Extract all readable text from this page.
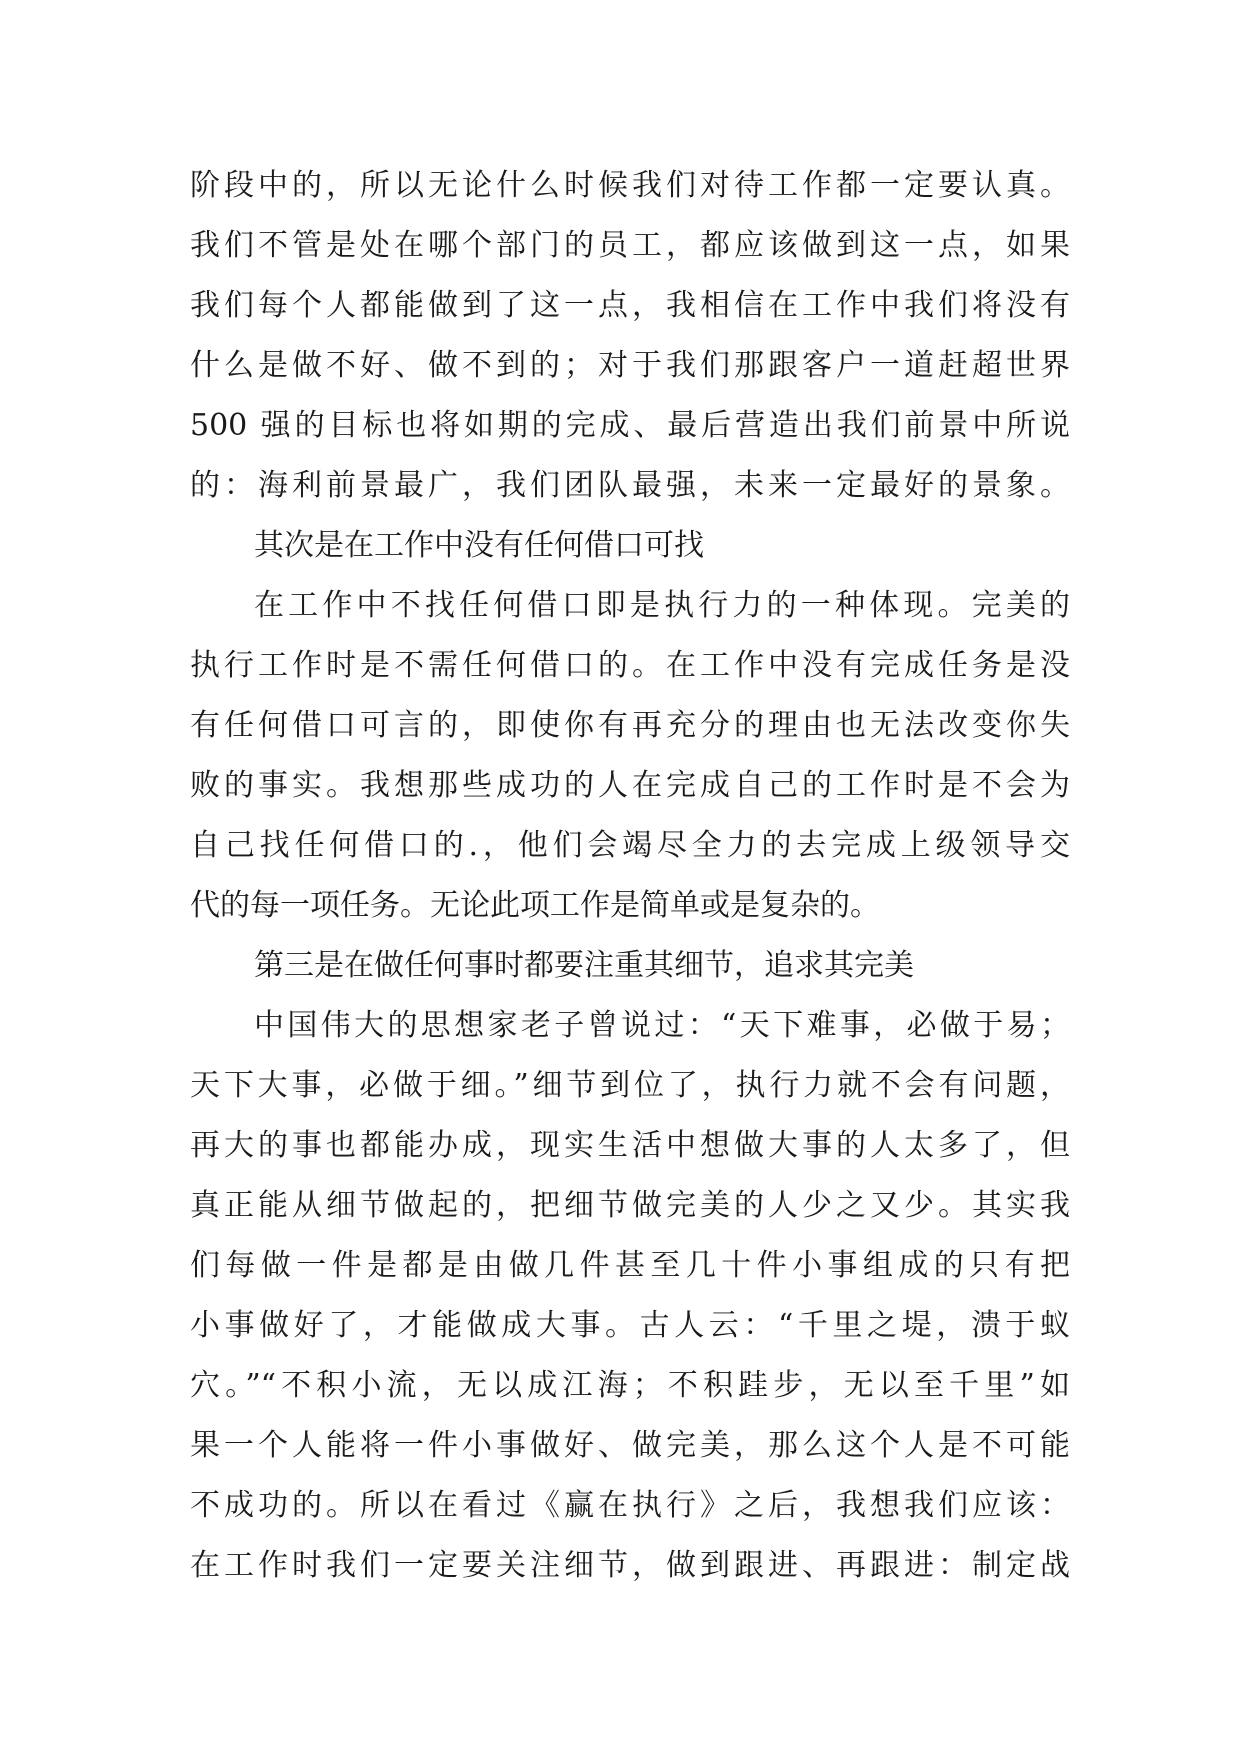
阶段中的，所以无论什么时候我们对待工作都一定要认真。
我们不管是处在哪个部门的员工，都应该做到这一点，如果
我们每个人都能做到了这一点，我相信在工作中我们将没有
什么是做不好、做不到的；对于我们那跟客户一道赶超世界
500 强的目标也将如期的完成、最后营造出我们前景中所说
的：海利前景最广，我们团队最强，未来一定最好的景象。
其次是在工作中没有任何借口可找
在工作中不找任何借口即是执行力的一种体现。完美的
执行工作时是不需任何借口的。在工作中没有完成任务是没
有任何借口可言的，即使你有再充分的理由也无法改变你失
败的事实。我想那些成功的人在完成自己的工作时是不会为
自己找任何借口的.，他们会竭尽全力的去完成上级领导交
代的每一项任务。无论此项工作是简单或是复杂的。
第三是在做任何事时都要注重其细节，追求其完美
中国伟大的思想家老子曾说过：“天下难事，必做于易；
天下大事，必做于细。”细节到位了，执行力就不会有问题，
再大的事也都能办成，现实生活中想做大事的人太多了，但
真正能从细节做起的，把细节做完美的人少之又少。其实我
们每做一件是都是由做几件甚至几十件小事组成的只有把
小事做好了，才能做成大事。古人云：“千里之堤，溃于蚁
穴。”“不积小流，无以成江海；不积跬步，无以至千里”如
果一个人能将一件小事做好、做完美，那么这个人是不可能
不成功的。所以在看过《赢在执行》之后，我想我们应该：
在工作时我们一定要关注细节，做到跟进、再跟进：制定战
